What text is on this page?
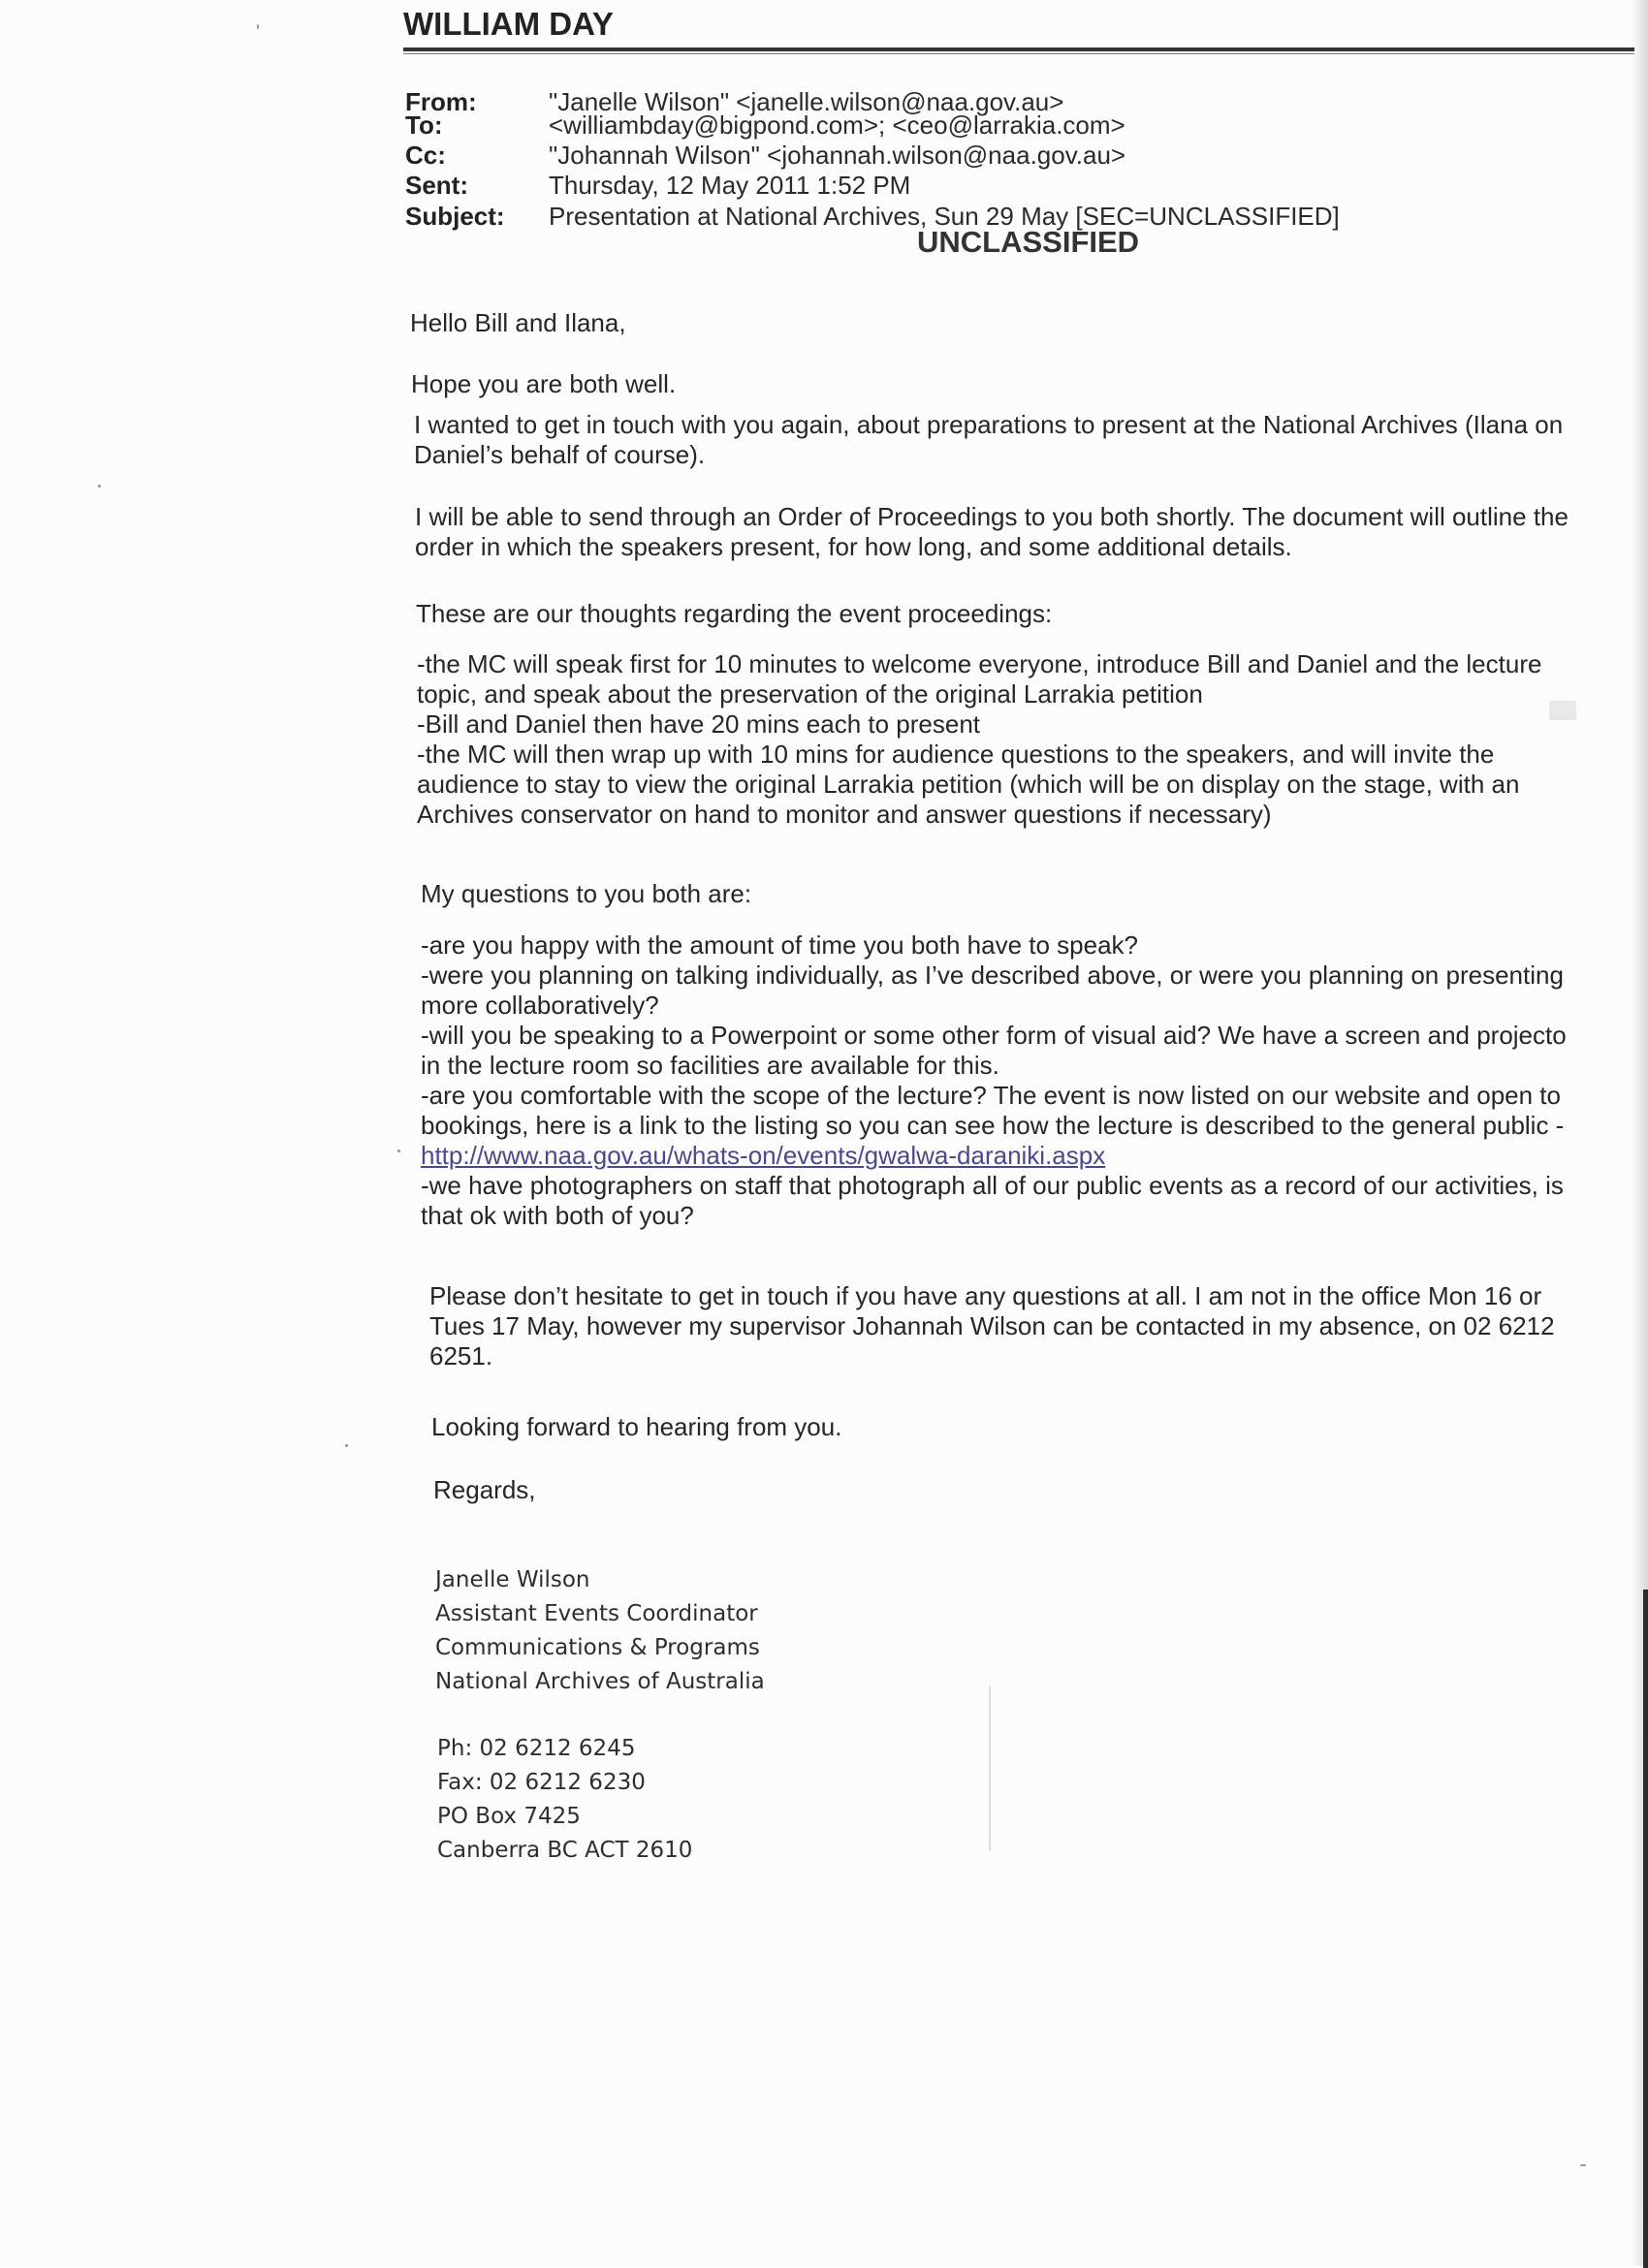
WILLIAM DAY
From:	"Janelle Wilson" <janelle.wilson@naa.gov.au>
To:	<williambday@bigpond.com>; <ceo@larrakia.com>
Cc:	"Johannah Wilson" <johannah.wilson@naa.gov.au>
Sent:	Thursday, 12 May 2011 1:52 PM
Subject: Presentation at National Archives, Sun 29 May [SEC=UNCLASSIFIED]
UNCLASSIFIED
Hello Bill and Ilana,
Hope you are both well.
I wanted to get in touch with you again, about preparations to present at the National Archives (Ilana on
Daniel’s behalf of course).
I will be able to send through an Order of Proceedings to you both shortly. The document will outline the
order in which the speakers present, for how long, and some additional details.
These are our thoughts regarding the event proceedings:
-the MC will speak first for 10 minutes to welcome everyone, introduce Bill and Daniel and the lecture
topic, and speak about the preservation of the original Larrakia petition
-Bill and Daniel then have 20 mins each to present
-the MC will then wrap up with 10 mins for audience questions to the speakers, and will invite the
audience to stay to view the original Larrakia petition (which will be on display on the stage, with an
Archives conservator on hand to monitor and answer questions if necessary)
My questions to you both are:
-are you happy with the amount of time you both have to speak?
-were you planning on talking individually, as I’ve described above, or were you planning on presenting
more collaboratively?
-will you be speaking to a Powerpoint or some other form of visual aid? We have a screen and projecto
in the lecture room so facilities are available for this.
-are you comfortable with the scope of the lecture? The event is now listed on our website and open to
bookings, here is a link to the listing so you can see how the lecture is described to the general public -
http://www.naa.gov.au/whats-on/events/gwalwa-daraniki.aspx
-we have photographers on staff that photograph all of our public events as a record of our activities, is
that ok with both of you?
Please don’t hesitate to get in touch if you have any questions at all. I am not in the office Mon 16 or
Tues 17 May, however my supervisor Johannah Wilson can be contacted in my absence, on 02 6212
6251.
Looking forward to hearing from you.
Regards,
Janelle Wilson
Assistant Events Coordinator
Communications & Programs
National Archives of Australia
Ph: 02 6212 6245
Fax: 02 6212 6230
PO Box 7425
Canberra BC ACT 2610
